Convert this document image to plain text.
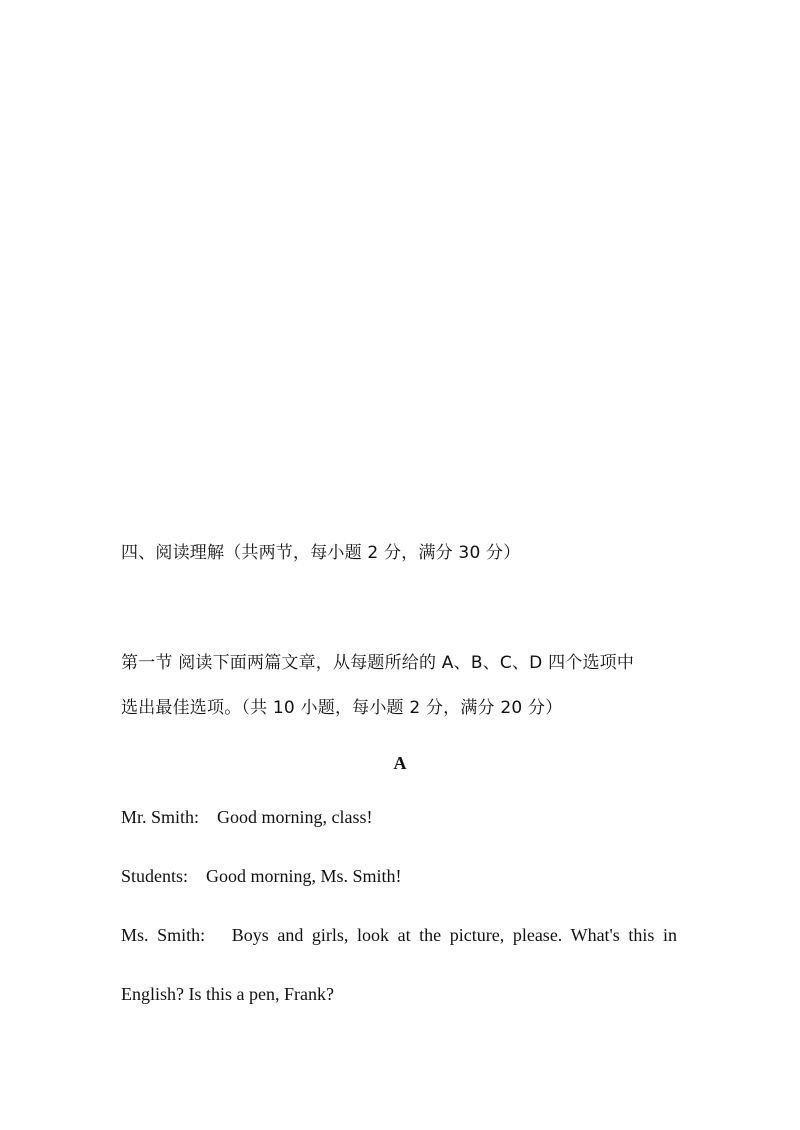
四、阅读理解（共两节，每小题 2 分，满分 30 分）
第一节 阅读下面两篇文章，从每题所给的 A、B、C、D 四个选项中
选出最佳选项。（共 10 小题，每小题 2 分，满分 20 分）
A
Mr. Smith: Good morning, class!
Students: Good morning, Ms. Smith!
Ms. Smith: Boys and girls, look at the picture, please. What's this in
English? Is this a pen, Frank?
